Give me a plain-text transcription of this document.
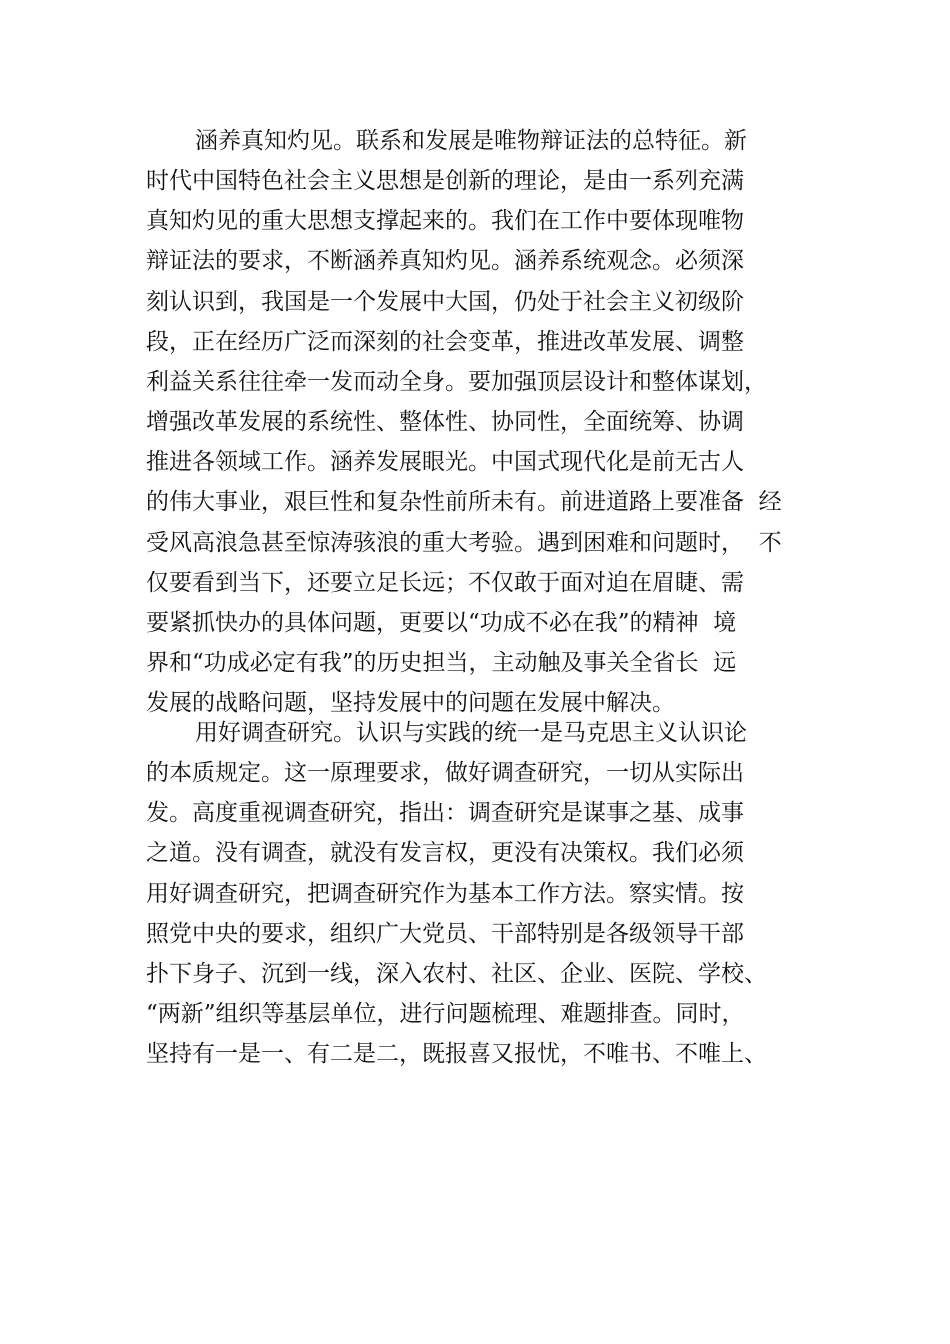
涵养真知灼见。联系和发展是唯物辩证法的总特征。新
时代中国特色社会主义思想是创新的理论，是由一系列充满
真知灼见的重大思想支撑起来的。我们在工作中要体现唯物
辩证法的要求，不断涵养真知灼见。涵养系统观念。必须深
刻认识到，我国是一个发展中大国，仍处于社会主义初级阶
段，正在经历广泛而深刻的社会变革，推进改革发展、调整
利益关系往往牵一发而动全身。要加强顶层设计和整体谋划，
增强改革发展的系统性、整体性、协同性，全面统筹、协调
推进各领域工作。涵养发展眼光。中国式现代化是前无古人
的伟大事业，艰巨性和复杂性前所未有。前进道路上要准备  经
受风高浪急甚至惊涛骇浪的重大考验。遇到困难和问题时，  不
仅要看到当下，还要立足长远；不仅敢于面对迫在眉睫、需
要紧抓快办的具体问题，更要以“功成不必在我”的精神  境
界和“功成必定有我”的历史担当，主动触及事关全省长  远
发展的战略问题，坚持发展中的问题在发展中解决。
用好调查研究。认识与实践的统一是马克思主义认识论
的本质规定。这一原理要求，做好调查研究，一切从实际出
发。高度重视调查研究，指出：调查研究是谋事之基、成事
之道。没有调查，就没有发言权，更没有决策权。我们必须
用好调查研究，把调查研究作为基本工作方法。察实情。按
照党中央的要求，组织广大党员、干部特别是各级领导干部
扑下身子、沉到一线，深入农村、社区、企业、医院、学校、
“两新”组织等基层单位，进行问题梳理、难题排查。同时，
坚持有一是一、有二是二，既报喜又报忧，不唯书、不唯上、
